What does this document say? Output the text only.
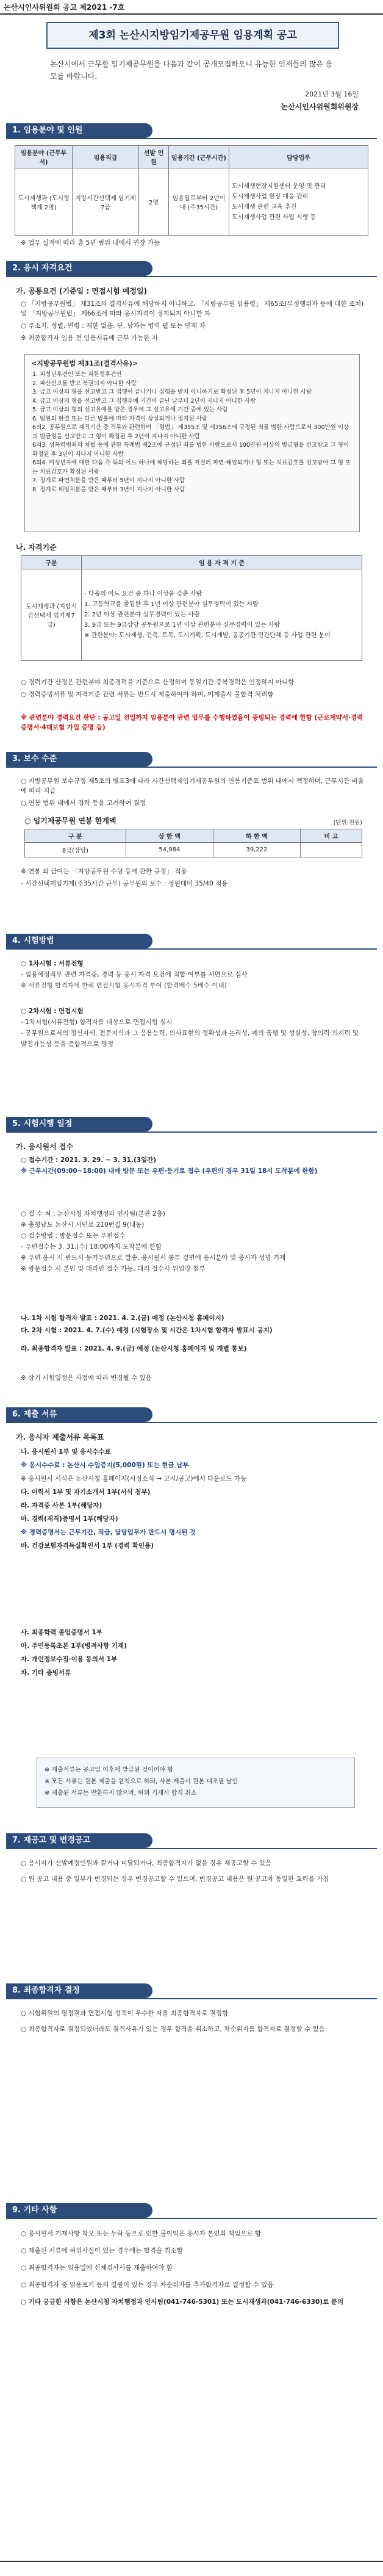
논산시인사위원회 공고 제2021 -7호
제3회 논산시지방임기제공무원 임용계획 공고
논산시에서 근무할 임기제공무원을 다음과 같이 공개모집하오니 유능한 인재들의 많은 응모를 바랍니다.
2021년 3월 16일
논산시인사위원회위원장
1. 임용분야 및 인원
임용분야 (근무부서)	임용직급	선발 인원	임용기간 (근무시간)	담당업무
도시재생과 (도시정책계 2명)	지방시간선택제 임기제7급	2명	임용일로부터 2년이내 (주35시간)	도시재생현장지원센터 운영 및 관리
도시재생사업 현장 대응 관리
도시재생 관련 교육 추진
도시재생사업 관련 사업 시행 등
※ 업무 실적에 따라 총 5년 범위 내에서 연장 가능
2. 응시 자격요건
가. 공통요건 (기준일 : 면접시험 예정일)
○ 「지방공무원법」 제31조의 결격사유에 해당하지 아니하고, 「지방공무원 임용령」 제65조(부정행위자 등에 대한 조치) 및 「지방공무원법」 제66조에 따라 응시자격이 정지되지 아니한 자
○ 주소지, 성별, 연령 : 제한 없음. 단, 남자는 병역 필 또는 면제 자
※ 최종합격자 임용 전 임용서류에 근무 가능한 자
<지방공무원법 제31조(결격사유)>
1. 피성년후견인 또는 피한정후견인
2. 파산선고를 받고 복권되지 아니한 사람
3. 금고 이상의 형을 선고받고 그 집행이 끝나거나 집행을 받지 아니하기로 확정된 후 5년이 지나지 아니한 사람
4. 금고 이상의 형을 선고받고 그 집행유예 기간이 끝난 날부터 2년이 지나지 아니한 사람
5. 금고 이상의 형의 선고유예를 받은 경우에 그 선고유예 기간 중에 있는 사람
6. 법원의 판결 또는 다른 법률에 따라 자격이 상실되거나 정지된 사람
6의2. 공무원으로 재직기간 중 직무와 관련하여 「형법」 제355조 및 제356조에 규정된 죄를 범한 사람으로서 300만원 이상의 벌금형을 선고받고 그 형이 확정된 후 2년이 지나지 아니한 사람
6의3. 성폭력범죄의 처벌 등에 관한 특례법 제2조에 규정된 죄를 범한 사람으로서 100만원 이상의 벌금형을 선고받고 그 형이 확정된 후 3년이 지나지 아니한 사람
6의4. 미성년자에 대한 다음 각 목의 어느 하나에 해당하는 죄를 저질러 파면·해임되거나 형 또는 치료감호를 선고받아 그 형 또는 치료감호가 확정된 사람
7. 징계로 파면처분을 받은 때부터 5년이 지나지 아니한 사람
8. 징계로 해임처분을 받은 때부터 3년이 지나지 아니한 사람
나. 자격기준
구분	임 용 자 격 기 준
도시재생과 (지방시간선택제 임기제7급)	- 다음의 어느 요건 중 하나 이상을 갖춘 사람
1. 고등학교를 졸업한 후 1년 이상 관련분야 실무경력이 있는 사람
2. 2년 이상 관련분야 실무경력이 있는 사람
3. 9급 또는 9급상당 공무원으로 1년 이상 관련분야 실무경력이 있는 사람
※ 관련분야: 도시재생, 건축, 토목, 도시계획, 도시개발, 공공기관·민간단체 등 사업 관련 분야
○ 경력기간 산정은 관련분야 최종경력을 기준으로 산정하며 동일기간 중복경력은 인정하지 아니함
○ 경력증빙서류 및 자격기준 관련 서류는 반드시 제출하여야 하며, 미제출시 불합격 처리함
※ 관련분야 경력요건 판단 : 공고일 전일까지 임용분야 관련 업무를 수행하였음이 증빙되는 경력에 한함 (근로계약서·경력증명서·4대보험 가입 증명 등)
3. 보수 수준
○ 지방공무원 보수규정 제5조의 별표3에 따라 시간선택제임기제공무원의 연봉기준표 범위 내에서 책정하며, 근무시간 비율에 따라 지급
○ 연봉 범위 내에서 경력 등을 고려하여 결정
○ 임기제공무원 연봉 한계액	(단위:천원)
구 분	상 한 액	하 한 액	비 고
8급(상당)	54,984	39,222	
※ 연봉 외 급여는 「지방공무원 수당 등에 관한 규정」 적용
- 시간선택제임기제(주35시간 근무) 공무원의 보수 : 정원대비 35/40 적용
4. 시험방법
○ 1차시험 : 서류전형
- 임용예정직무 관련 자격증, 경력 등 응시 자격 요건에 적합 여부를 서면으로 심사
※ 서류전형 합격자에 한해 면접시험 응시자격 부여 (합격배수 5배수 이내)
○ 2차시험 : 면접시험
- 1차시험(서류전형) 합격자를 대상으로 면접시험 실시
- 공무원으로서의 정신자세, 전문지식과 그 응용능력, 의사표현의 정확성과 논리성, 예의·품행 및 성실성, 창의력·의지력 및 발전가능성 등을 종합적으로 평정
5. 시험시행 일정
가. 응시원서 접수
○ 접수기간 : 2021. 3. 29. ~ 3. 31.(3일간)
※ 근무시간(09:00~18:00) 내에 방문 또는 우편·등기로 접수 (우편의 경우 31일 18시 도착분에 한함)
○ 접 수 처 : 논산시청 자치행정과 인사팀(본관 2층)
※ 충청남도 논산시 시민로 210번길 9(내동)
○ 접수방법 : 방문접수 또는 우편접수
- 우편접수는 3. 31.(수) 18:00까지 도착분에 한함
※ 우편 응시 시 반드시 등기우편으로 발송, 응시원서 봉투 겉면에 응시분야 및 응시자 성명 기재
※ 방문접수 시 본인 및 대리인 접수 가능, 대리 접수시 위임장 첨부
나. 1차 시험 합격자 발표 : 2021. 4. 2.(금) 예정 (논산시청 홈페이지)
다. 2차 시험 : 2021. 4. 7.(수) 예정 (시험장소 및 시간은 1차시험 합격자 발표시 공지)
라. 최종합격자 발표 : 2021. 4. 9.(금) 예정 (논산시청 홈페이지 및 개별 통보)
※ 상기 시험일정은 사정에 따라 변경될 수 있음
6. 제출 서류
가. 응시자 제출서류 목록표
나. 응시원서 1부 및 응시수수료
※ 응시수수료 : 논산시 수입증지(5,000원) 또는 현금 납부
※ 응시원서 서식은 논산시청 홈페이지(시정소식 → 고시/공고)에서 다운로드 가능
다. 이력서 1부 및 자기소개서 1부(서식 첨부)
라. 자격증 사본 1부(해당자)
마. 경력(재직)증명서 1부(해당자)
※ 경력증명서는 근무기간, 직급, 담당업무가 반드시 명시된 것
바. 건강보험자격득실확인서 1부 (경력 확인용)
사. 최종학력 졸업증명서 1부
아. 주민등록초본 1부(병적사항 기재)
자. 개인정보수집·이용 동의서 1부
차. 기타 증빙서류
※ 제출서류는 공고일 이후에 발급된 것이어야 함
※ 모든 서류는 원본 제출을 원칙으로 하되, 사본 제출시 원본 대조필 날인
※ 제출된 서류는 반환하지 않으며, 허위 기재시 합격 취소
7. 재공고 및 변경공고
○ 응시자가 선발예정인원과 같거나 미달되거나, 최종합격자가 없을 경우 재공고할 수 있음
○ 원 공고 내용 중 일부가 변경되는 경우 변경공고할 수 있으며, 변경공고 내용은 원 공고와 동일한 효력을 가짐
8. 최종합격자 결정
○ 시험위원의 평정결과 면접시험 성적이 우수한 자를 최종합격자로 결정함
○ 최종합격자로 결정되었더라도 결격사유가 있는 경우 합격을 취소하고, 차순위자를 합격자로 결정할 수 있음
9. 기타 사항
○ 응시원서 기재사항 착오 또는 누락 등으로 인한 불이익은 응시자 본인의 책임으로 함
○ 제출된 서류에 허위사실이 있는 경우에는 합격을 취소함
○ 최종합격자는 임용일에 신체검사서를 제출하여야 함
○ 최종합격자 중 임용포기 등의 결원이 있는 경우 차순위자를 추가합격자로 결정할 수 있음
○ 기타 궁금한 사항은 논산시청 자치행정과 인사팀(041-746-5301) 또는 도시재생과(041-746-6330)로 문의
